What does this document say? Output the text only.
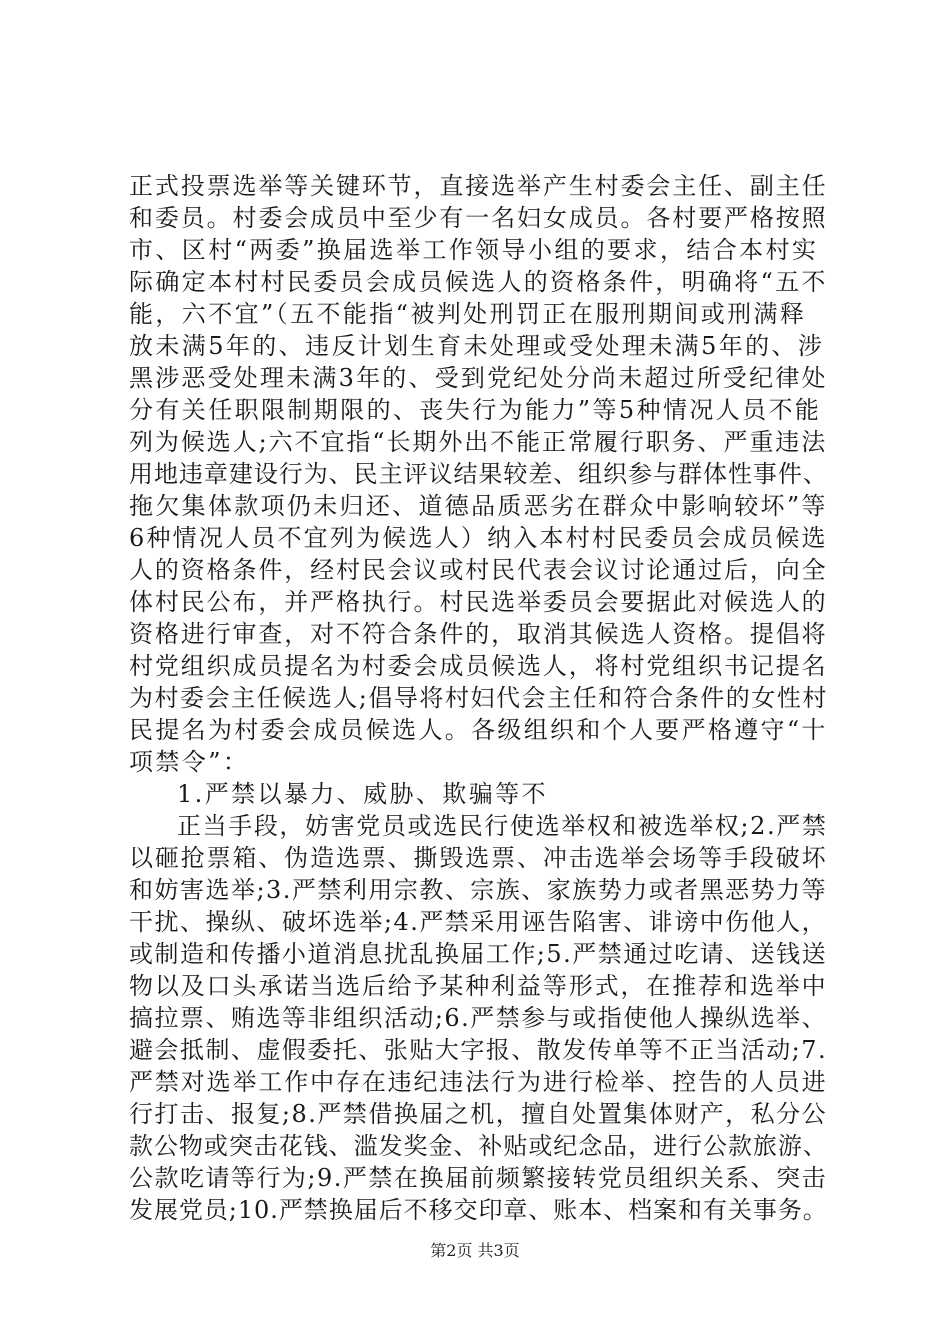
正式投票选举等关键环节，直接选举产生村委会主任、副主任
和委员。村委会成员中至少有一名妇女成员。各村要严格按照
市、区村“两委”换届选举工作领导小组的要求，结合本村实
际确定本村村民委员会成员候选人的资格条件，明确将“五不
能，六不宜”（五不能指“被判处刑罚正在服刑期间或刑满释
放未满5年的、违反计划生育未处理或受处理未满5年的、涉
黑涉恶受处理未满3年的、受到党纪处分尚未超过所受纪律处
分有关任职限制期限的、丧失行为能力”等5种情况人员不能
列为候选人;六不宜指“长期外出不能正常履行职务、严重违法
用地违章建设行为、民主评议结果较差、组织参与群体性事件、
拖欠集体款项仍未归还、道德品质恶劣在群众中影响较坏”等
6种情况人员不宜列为候选人）纳入本村村民委员会成员候选
人的资格条件，经村民会议或村民代表会议讨论通过后，向全
体村民公布，并严格执行。村民选举委员会要据此对候选人的
资格进行审查，对不符合条件的，取消其候选人资格。提倡将
村党组织成员提名为村委会成员候选人，将村党组织书记提名
为村委会主任候选人;倡导将村妇代会主任和符合条件的女性村
民提名为村委会成员候选人。各级组织和个人要严格遵守“十
项禁令”：
1.严禁以暴力、威胁、欺骗等不
正当手段，妨害党员或选民行使选举权和被选举权;2.严禁
以砸抢票箱、伪造选票、撕毁选票、冲击选举会场等手段破坏
和妨害选举;3.严禁利用宗教、宗族、家族势力或者黑恶势力等
干扰、操纵、破坏选举;4.严禁采用诬告陷害、诽谤中伤他人，
或制造和传播小道消息扰乱换届工作;5.严禁通过吃请、送钱送
物以及口头承诺当选后给予某种利益等形式，在推荐和选举中
搞拉票、贿选等非组织活动;6.严禁参与或指使他人操纵选举、
避会抵制、虚假委托、张贴大字报、散发传单等不正当活动;7.
严禁对选举工作中存在违纪违法行为进行检举、控告的人员进
行打击、报复;8.严禁借换届之机，擅自处置集体财产，私分公
款公物或突击花钱、滥发奖金、补贴或纪念品，进行公款旅游、
公款吃请等行为;9.严禁在换届前频繁接转党员组织关系、突击
发展党员;10.严禁换届后不移交印章、账本、档案和有关事务。
第2页 共3页
